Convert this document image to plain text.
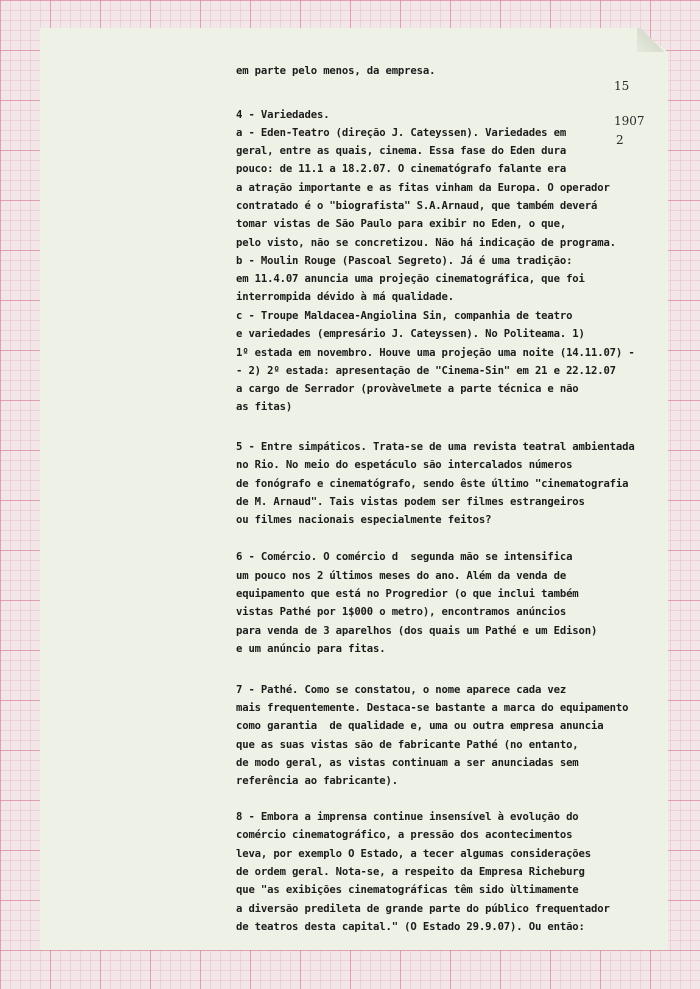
15
1907
2
em parte pelo menos, da empresa.
4 - Variedades.
a - Eden-Teatro (direção J. Cateyssen). Variedades em
geral, entre as quais, cinema. Essa fase do Eden dura
pouco: de 11.1 a 18.2.07. O cinematógrafo falante era
a atração importante e as fitas vinham da Europa. O operador
contratado é o "biografista" S.A.Arnaud, que também deverá
tomar vistas de São Paulo para exibir no Eden, o que,
pelo visto, não se concretizou. Não há indicação de programa.
b - Moulin Rouge (Pascoal Segreto). Já é uma tradição:
em 11.4.07 anuncia uma projeção cinematográfica, que foi
interrompida dévido à má qualidade.
c - Troupe Maldacea-Angiolina Sin, companhia de teatro
e variedades (empresário J. Cateyssen). No Politeama. 1)
1º estada em novembro. Houve uma projeção uma noite (14.11.07) -
- 2) 2º estada: apresentação de "Cinema-Sin" em 21 e 22.12.07
a cargo de Serrador (provàvelmete a parte técnica e não
as fitas)
5 - Entre simpáticos. Trata-se de uma revista teatral ambientada
no Rio. No meio do espetáculo são intercalados números
de fonógrafo e cinematógrafo, sendo êste último "cinematografia
de M. Arnaud". Tais vistas podem ser filmes estrangeiros
ou filmes nacionais especialmente feitos?
6 - Comércio. O comércio d  segunda mão se intensifica
um pouco nos 2 últimos meses do ano. Além da venda de
equipamento que está no Progredior (o que inclui também
vistas Pathé por 1$000 o metro), encontramos anúncios
para venda de 3 aparelhos (dos quais um Pathé e um Edison)
e um anúncio para fitas.
7 - Pathé. Como se constatou, o nome aparece cada vez
mais frequentemente. Destaca-se bastante a marca do equipamento
como garantia  de qualidade e, uma ou outra empresa anuncia
que as suas vistas são de fabricante Pathé (no entanto,
de modo geral, as vistas continuam a ser anunciadas sem
referência ao fabricante).
8 - Embora a imprensa continue insensível à evolução do
comércio cinematográfico, a pressão dos acontecimentos
leva, por exemplo O Estado, a tecer algumas considerações
de ordem geral. Nota-se, a respeito da Empresa Richeburg
que "as exibições cinematográficas têm sido ùltimamente
a diversão predileta de grande parte do público frequentador
de teatros desta capital." (O Estado 29.9.07). Ou então:
